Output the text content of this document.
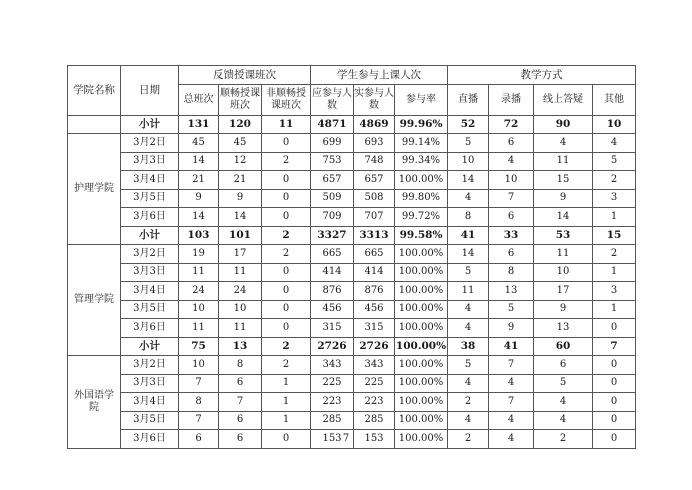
学院名称	日期	反馈授课班次			学生参与上课人次			教学方式			
		总班次	顺畅授课班次	非顺畅授课班次	应参与人数	实参与人数	参与率	直播	录播	线上答疑	其他
	小计	131	120	11	4871	4869	99.96%	52	72	90	10
护理学院	3月2日	45	45	0	699	693	99.14%	5	6	4	4
	3月3日	14	12	2	753	748	99.34%	10	4	11	5
	3月4日	21	21	0	657	657	100.00%	14	10	15	2
	3月5日	9	9	0	509	508	99.80%	4	7	9	3
	3月6日	14	14	0	709	707	99.72%	8	6	14	1
	小计	103	101	2	3327	3313	99.58%	41	33	53	15
管理学院	3月2日	19	17	2	665	665	100.00%	14	6	11	2
	3月3日	11	11	0	414	414	100.00%	5	8	10	1
	3月4日	24	24	0	876	876	100.00%	11	13	17	3
	3月5日	10	10	0	456	456	100.00%	4	5	9	1
	3月6日	11	11	0	315	315	100.00%	4	9	13	0
	小计	75	13	2	2726	2726	100.00%	38	41	60	7
外国语学院	3月2日	10	8	2	343	343	100.00%	5	7	6	0
	3月3日	7	6	1	225	225	100.00%	4	4	5	0
	3月4日	8	7	1	223	223	100.00%	2	7	4	0
	3月5日	7	6	1	285	285	100.00%	4	4	4	0
	3月6日	6	6	0	153	153	100.00%	2	4	2	0
7
